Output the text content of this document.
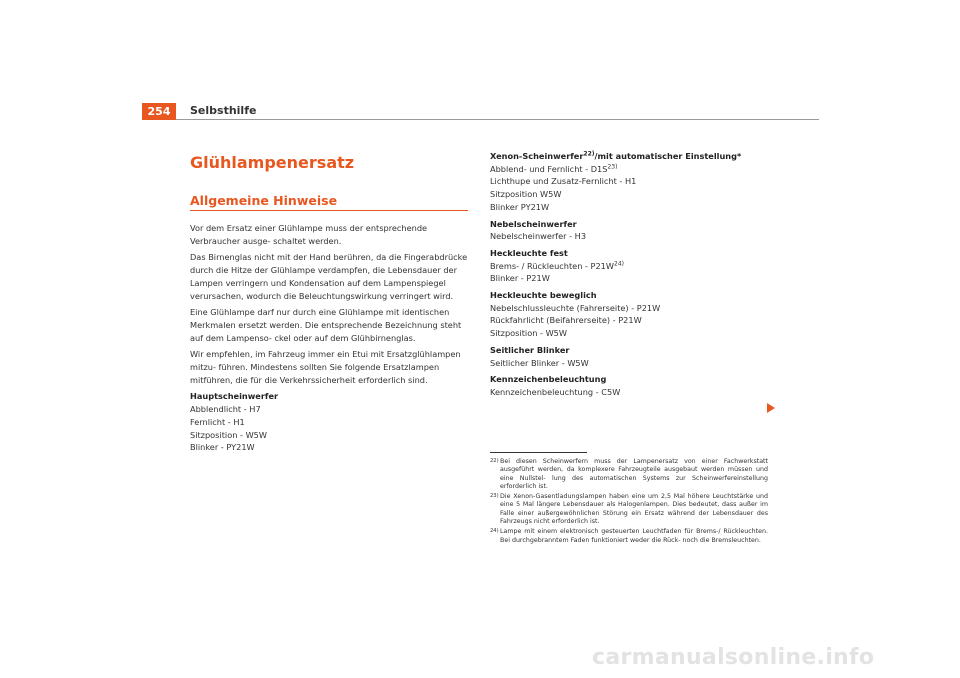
254	Selbsthilfe
Glühlampenersatz
Allgemeine Hinweise

Vor dem Ersatz einer Glühlampe muss der entsprechende Verbraucher ausge- schaltet werden.

Das Birnenglas nicht mit der Hand berühren, da die Fingerabdrücke durch die Hitze der Glühlampe verdampfen, die Lebensdauer der Lampen verringern und Kondensation auf dem Lampenspiegel verursachen, wodurch die Beleuchtungswirkung verringert wird.

Eine Glühlampe darf nur durch eine Glühlampe mit identischen Merkmalen ersetzt werden. Die entsprechende Bezeichnung steht auf dem Lampenso- ckel oder auf dem Glühbirnenglas.

Wir empfehlen, im Fahrzeug immer ein Etui mit Ersatzglühlampen mitzu- führen. Mindestens sollten Sie folgende Ersatzlampen mitführen, die für die Verkehrssicherheit erforderlich sind.

Hauptscheinwerfer
Abblendlicht - H7
Fernlicht - H1
Sitzposition - W5W
Blinker - PY21W
Xenon-Scheinwerfer$^{22)}$/mit automatischer Einstellung*
Abblend- und Fernlicht - $D1S^{23)}$
Lichthupe und Zusatz-Fernlicht - H1
Sitzposition W5W
Blinker PY21W
Nebelscheinwerfer
Nebelscheinwerfer - H3
Heckleuchte fest
Brems- / Rückleuchten - $P21W^{24)}$
Blinker - P21W
Heckleuchte beweglich
Nebelschlussleuchte (Fahrerseite) - P21W
Rückfahrlicht (Beifahrerseite) - P21W
Sitzposition - W5W
Seitlicher Blinker
Seitlicher Blinker - W5W
Kennzeichenbeleuchtung
Kennzeichenbeleuchtung - C5W
22) Bei diesen Scheinwerfern muss der Lampenersatz von einer Fachwerkstatt ausgeführt werden, da komplexere Fahrzeugteile ausgebaut werden müssen und eine Nullstel- lung des automatischen Systems zur Scheinwerfereinstellung erforderlich ist.
23) Die Xenon-Gasentladungslampen haben eine um 2,5 Mal höhere Leuchtstärke und eine 5 Mal längere Lebensdauer als Halogenlampen. Dies bedeutet, dass außer im Falle einer außergewöhnlichen Störung ein Ersatz während der Lebensdauer des Fahrzeugs nicht erforderlich ist.
24) Lampe mit einem elektronisch gesteuerten Leuchtfaden für Brems-/ Rückleuchten. Bei durchgebranntem Faden funktioniert weder die Rück- noch die Bremsleuchten.
carmanualsonline.info
